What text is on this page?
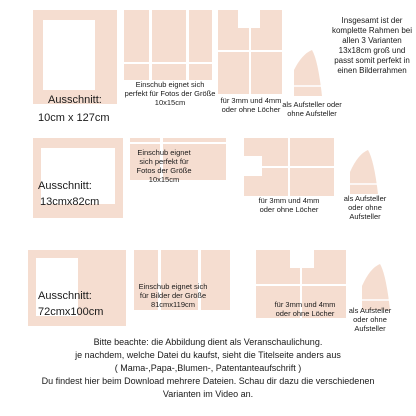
Einschub eignet sich perfekt für Fotos der Größe 10x15cm	für 3mm und 4mm oder ohne Löcher
als Aufsteller oder ohne Aufsteller
Ausschnitt:
10cm x 127cm
Insgesamt ist der komplette Rahmen bei allen 3 Varianten 13x18cm groß und passt somit perfekt in einen Bilderrahmen
Einschub eignet sich perfekt für Fotos der Größe 10x15cm
für 3mm und 4mm oder ohne Löcher
als Aufsteller oder ohne Aufsteller
Ausschnitt:
13cmx82cm
Einschub eignet sich für Bilder der Größe 81cmx119cm	für 3mm und 4mm oder ohne Löcher	als Aufsteller oder ohne Aufsteller
Ausschnitt:
72cmx100cm
Bitte beachte: die Abbildung dient als Veranschaulichung.
je nachdem, welche Datei du kaufst, sieht die Titelseite anders aus
( Mama-,Papa-,Blumen-, Patentanteaufschrift )
Du findest hier beim Download mehrere Dateien. Schau dir dazu die verschiedenen
Varianten im Video an.
